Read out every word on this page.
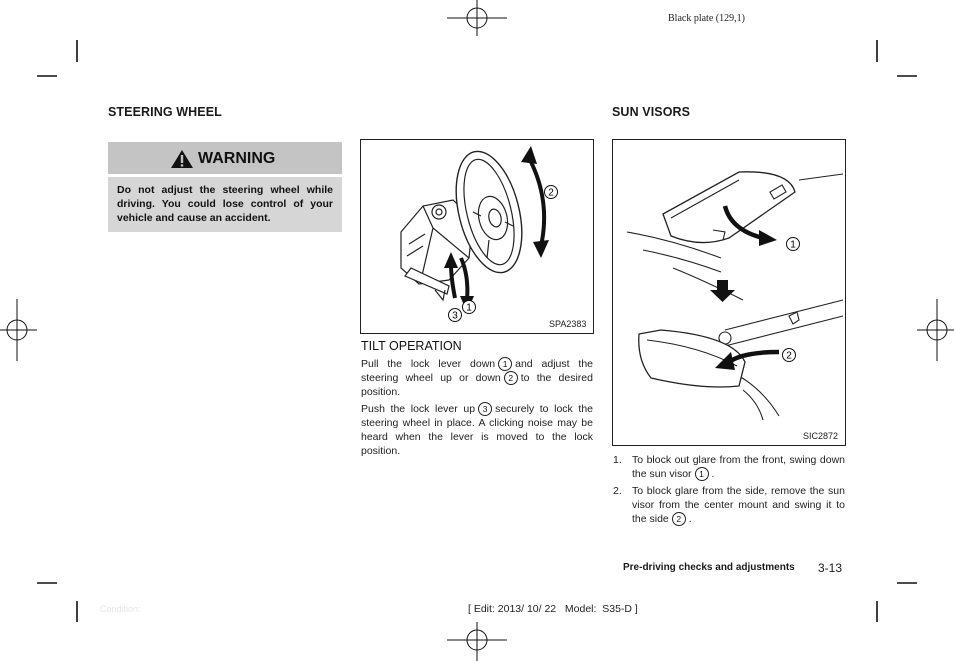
Black plate (129,1)
STEERING WHEEL
WARNING

Do not adjust the steering wheel while driving. You could lose control of your vehicle and cause an accident.

2
1
3
SPA2383
TILT OPERATION

Pull the lock lever down 1 and adjust the steering wheel up or down 2 to the desired position.

Push the lock lever up 3 securely to lock the steering wheel in place. A clicking noise may be heard when the lever is moved to the lock position.

SUN VISORS
1
2
SIC2872
1. To block out glare from the front, swing down the sun visor 1 .
2. To block glare from the side, remove the sun visor from the center mount and swing it to the side 2 .
Pre-driving checks and adjustments 3-13
[ Edit: 2013/ 10/ 22   Model:  S35-D ]
Condition:
